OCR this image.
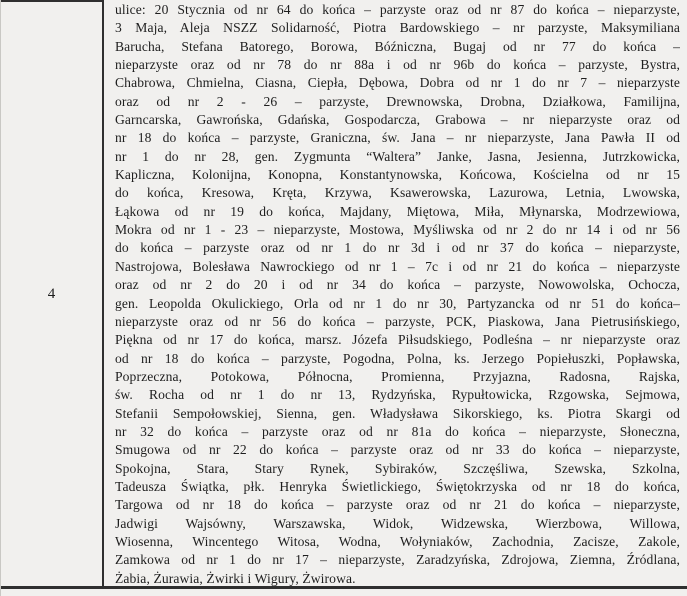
4
ulice: 20 Stycznia od nr 64 do końca – parzyste oraz od nr 87 do końca – nieparzyste,
3 Maja, Aleja NSZZ Solidarność, Piotra Bardowskiego – nr parzyste, Maksymiliana
Barucha, Stefana Batorego, Borowa, Bóźniczna, Bugaj od nr 77 do końca –
nieparzyste oraz od nr 78 do nr 88a i od nr 96b do końca – parzyste, Bystra,
Chabrowa, Chmielna, Ciasna, Ciepła, Dębowa, Dobra od nr 1 do nr 7 – nieparzyste
oraz od nr 2 - 26 – parzyste, Drewnowska, Drobna, Działkowa, Familijna,
Garncarska, Gawrońska, Gdańska, Gospodarcza, Grabowa – nr nieparzyste oraz od
nr 18 do końca – parzyste, Graniczna, św. Jana – nr nieparzyste, Jana Pawła II od
nr 1 do nr 28, gen. Zygmunta “Waltera” Janke, Jasna, Jesienna, Jutrzkowicka,
Kapliczna, Kolonijna, Konopna, Konstantynowska, Końcowa, Kościelna od nr 15
do końca, Kresowa, Kręta, Krzywa, Ksawerowska, Lazurowa, Letnia, Lwowska,
Łąkowa od nr 19 do końca, Majdany, Miętowa, Miła, Młynarska, Modrzewiowa,
Mokra od nr 1 - 23 – nieparzyste, Mostowa, Myśliwska od nr 2 do nr 14 i od nr 56
do końca – parzyste oraz od nr 1 do nr 3d i od nr 37 do końca – nieparzyste,
Nastrojowa, Bolesława Nawrockiego od nr 1 – 7c i od nr 21 do końca – nieparzyste
oraz od nr 2 do 20 i od nr 34 do końca – parzyste, Nowowolska, Ochocza,
gen. Leopolda Okulickiego, Orla od nr 1 do nr 30, Partyzancka od nr 51 do końca–
nieparzyste oraz od nr 56 do końca – parzyste, PCK, Piaskowa, Jana Pietrusińskiego,
Piękna od nr 17 do końca, marsz. Józefa Piłsudskiego, Podleśna – nr nieparzyste oraz
od nr 18 do końca – parzyste, Pogodna, Polna, ks. Jerzego Popiełuszki, Popławska,
Poprzeczna, Potokowa, Północna, Promienna, Przyjazna, Radosna, Rajska,
św. Rocha od nr 1 do nr 13, Rydzyńska, Rypułtowicka, Rzgowska, Sejmowa,
Stefanii Sempołowskiej, Sienna, gen. Władysława Sikorskiego, ks. Piotra Skargi od
nr 32 do końca – parzyste oraz od nr 81a do końca – nieparzyste, Słoneczna,
Smugowa od nr 22 do końca – parzyste oraz od nr 33 do końca – nieparzyste,
Spokojna, Stara, Stary Rynek, Sybiraków, Szczęśliwa, Szewska, Szkolna,
Tadeusza Świątka, płk. Henryka Świetlickiego, Świętokrzyska od nr 18 do końca,
Targowa od nr 18 do końca – parzyste oraz od nr 21 do końca – nieparzyste,
Jadwigi Wajsówny, Warszawska, Widok, Widzewska, Wierzbowa, Willowa,
Wiosenna, Wincentego Witosa, Wodna, Wołyniaków, Zachodnia, Zacisze, Zakole,
Zamkowa od nr 1 do nr 17 – nieparzyste, Zaradzyńska, Zdrojowa, Ziemna, Źródlana,
Żabia, Żurawia, Żwirki i Wigury, Żwirowa.
